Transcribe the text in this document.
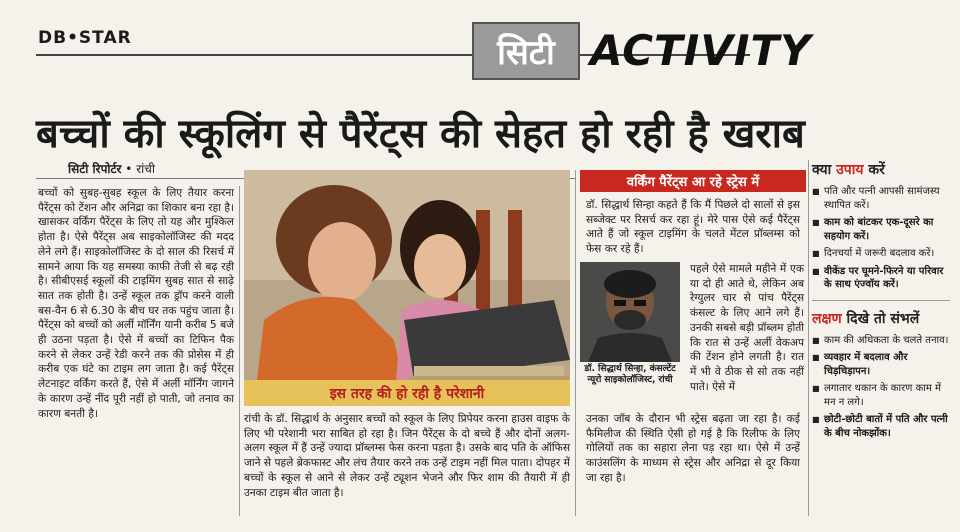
DB•STAR	सिटी ACTIVITY
बच्चों की स्कूलिंग से पैरेंट्स की सेहत हो रही है खराब
सिटी रिपोर्टर • रांची

बच्चों को सुबह-सुबह स्कूल के लिए तैयार करना पैरेंट्स को टेंशन और अनिद्रा का शिकार बना रहा है। खासकर वर्किंग पैरेंट्स के लिए तो यह और मुश्किल होता है। ऐसे पैरेंट्स अब साइकोलॉजिस्ट की मदद लेने लगे हैं। साइकोलॉजिस्ट के दो साल की रिसर्च में सामने आया कि यह समस्या काफी तेजी से बढ़ रही है। सीबीएसई स्कूलों की टाइमिंग सुबह सात से साढ़े सात तक होती है। उन्हें स्कूल तक ड्रॉप करने वाली बस-वैन 6 से 6.30 के बीच घर तक पहुंच जाता है। पैरेंट्स को बच्चों को अर्ली मॉर्निंग यानी करीब 5 बजे ही उठना पड़ता है। ऐसे में बच्चों का टिफिन पैक करने से लेकर उन्हें रेडी करने तक की प्रोसेस में ही करीब एक घंटे का टाइम लग जाता है। कई पैरेंट्स लेटनाइट वर्किंग करते हैं, ऐसे में अर्ली मॉर्निंग जागने के कारण उन्हें नींद पूरी नहीं हो पाती, जो तनाव का कारण बनती है।

इस तरह की हो रही है परेशानी

रांची के डॉ. सिद्धार्थ के अनुसार बच्चों को स्कूल के लिए प्रिपेयर करना हाउस वाइफ के लिए भी परेशानी भरा साबित हो रहा है। जिन पैरेंट्स के दो बच्चे हैं और दोनों अलग-अलग स्कूल में हैं उन्हें ज्यादा प्रॉब्लम्स फेस करना पड़ता है। उसके बाद पति के ऑफिस जाने से पहले ब्रेकफास्ट और लंच तैयार करने तक उन्हें टाइम नहीं मिल पाता। दोपहर में बच्चों के स्कूल से आने से लेकर उन्हें ट्यूशन भेजने और फिर शाम की तैयारी में ही उनका टाइम बीत जाता है।

वर्किंग पैरेंट्स आ रहे स्ट्रेस में

डॉ. सिद्धार्थ सिन्हा कहते हैं कि मैं पिछले दो सालों से इस सब्जेक्ट पर रिसर्च कर रहा हूं। मेरे पास ऐसे कई पैरेंट्स आते हैं जो स्कूल टाइमिंग के चलते मेंटल प्रॉब्लम्स को फेस कर रहे हैं।

डॉ. सिद्धार्थ सिन्हा, कंसल्टेंट न्यूरो साइकोलॉजिस्ट, रांची

पहले ऐसे मामले महीने में एक या दो ही आते थे, लेकिन अब रेग्युलर चार से पांच पैरेंट्स कंसल्ट के लिए आने लगे हैं। उनकी सबसे बड़ी प्रॉब्लम होती कि रात से उन्हें अर्ली वेकअप की टेंशन होने लगती है। रात में भी वे ठीक से सो तक नहीं पाते। ऐसे में

उनका जॉब के दौरान भी स्ट्रेस बढ़ता जा रहा है। कई फैमिलीज की स्थिति ऐसी हो गई है कि रिलीफ के लिए गोलियों तक का सहारा लेना पड़ रहा था। ऐसे में उन्हें काउंसलिंग के माध्यम से स्ट्रेस और अनिद्रा से दूर किया जा रहा है।

क्या उपाय करें
■ पति और पत्नी आपसी सामंजस्य स्थापित करें।
■ काम को बांटकर एक-दूसरे का सहयोग करें।
■ दिनचर्या में जरूरी बदलाव करें।
■ वीकेंड पर घूमने-फिरने या परिवार के साथ एंज्वॉय करें।
लक्षण दिखे तो संभलें
■ काम की अधिकता के चलते तनाव।
■ व्यवहार में बदलाव और चिड़चिड़ापन।
■ लगातार थकान के कारण काम में मन न लगे।
■ छोटी-छोटी बातों में पति और पत्नी के बीच नोकझोंक।
